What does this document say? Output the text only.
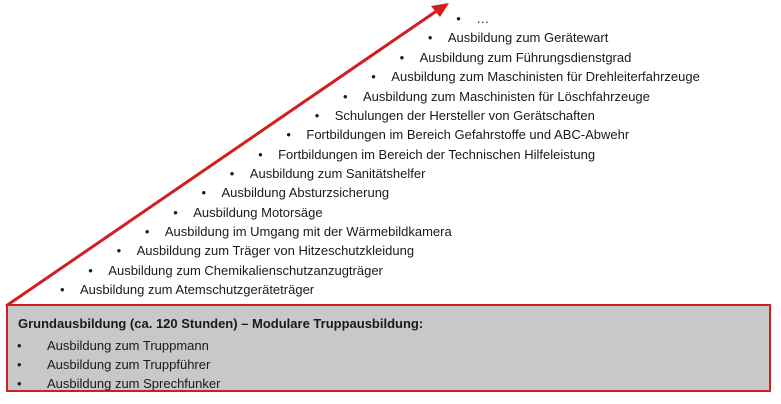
• Ausbildung zum Atemschutzgeräteträger
• Ausbildung zum Chemikalienschutzanzugträger
• Ausbildung zum Träger von Hitzeschutzkleidung
• Ausbildung im Umgang mit der Wärmebildkamera
• Ausbildung Motorsäge
• Ausbildung Absturzsicherung
• Ausbildung zum Sanitätshelfer
• Fortbildungen im Bereich der Technischen Hilfeleistung
• Fortbildungen im Bereich Gefahrstoffe und ABC-Abwehr
• Schulungen der Hersteller von Gerätschaften
• Ausbildung zum Maschinisten für Löschfahrzeuge
• Ausbildung zum Maschinisten für Drehleiterfahrzeuge
• Ausbildung zum Führungsdienstgrad
• Ausbildung zum Gerätewart
• …
Grundausbildung (ca. 120 Stunden) – Modulare Truppausbildung:
• Ausbildung zum Truppmann
• Ausbildung zum Truppführer
• Ausbildung zum Sprechfunker
